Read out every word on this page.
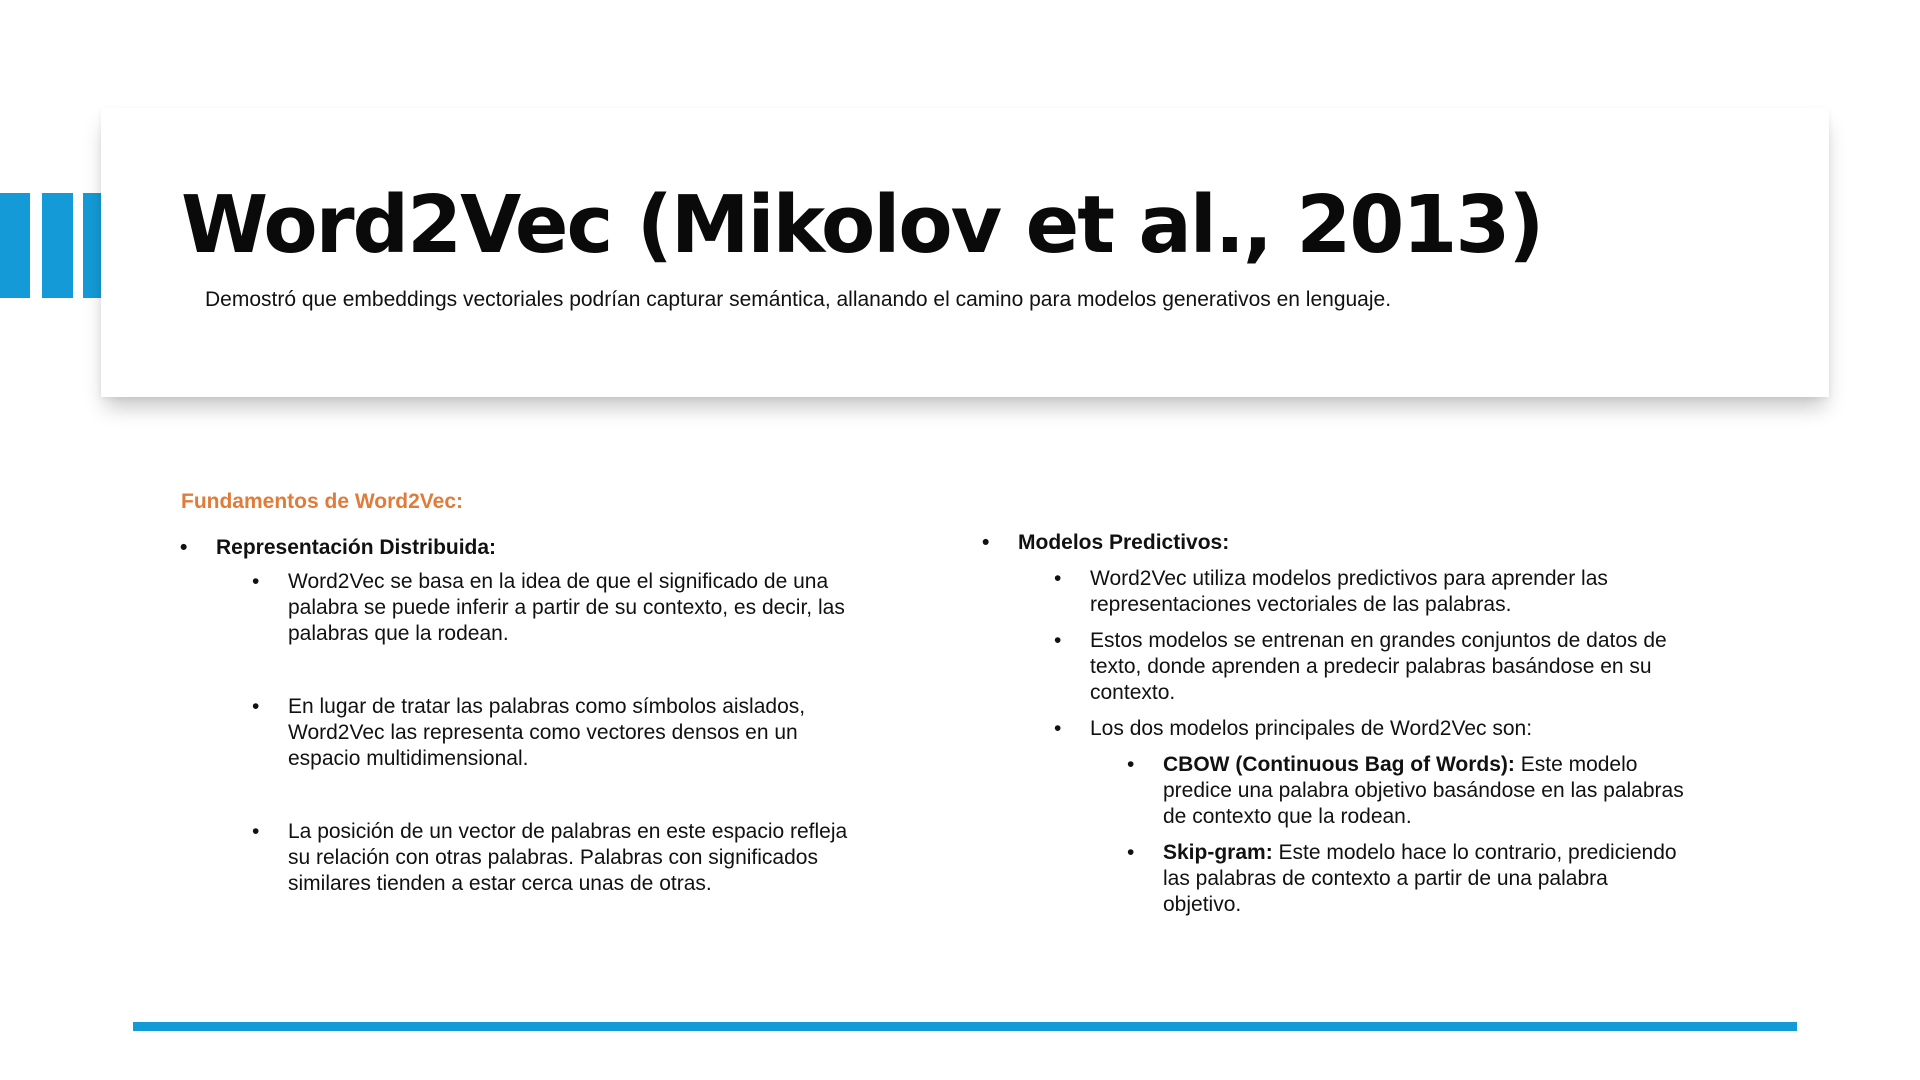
Word2Vec (Mikolov et al., 2013)

Demostró que embeddings vectoriales podrían capturar semántica, allanando el camino para modelos generativos en lenguaje.

Fundamentos de Word2Vec:

• Representación Distribuida:
• Word2Vec se basa en la idea de que el significado de una palabra se puede inferir a partir de su contexto, es decir, las palabras que la rodean.
• En lugar de tratar las palabras como símbolos aislados, Word2Vec las representa como vectores densos en un espacio multidimensional.
• La posición de un vector de palabras en este espacio refleja su relación con otras palabras. Palabras con significados similares tienden a estar cerca unas de otras.
• Modelos Predictivos:
• Word2Vec utiliza modelos predictivos para aprender las representaciones vectoriales de las palabras.
• Estos modelos se entrenan en grandes conjuntos de datos de texto, donde aprenden a predecir palabras basándose en su contexto.
• Los dos modelos principales de Word2Vec son:
• CBOW (Continuous Bag of Words): Este modelo predice una palabra objetivo basándose en las palabras de contexto que la rodean.
• Skip-gram: Este modelo hace lo contrario, prediciendo las palabras de contexto a partir de una palabra objetivo.
